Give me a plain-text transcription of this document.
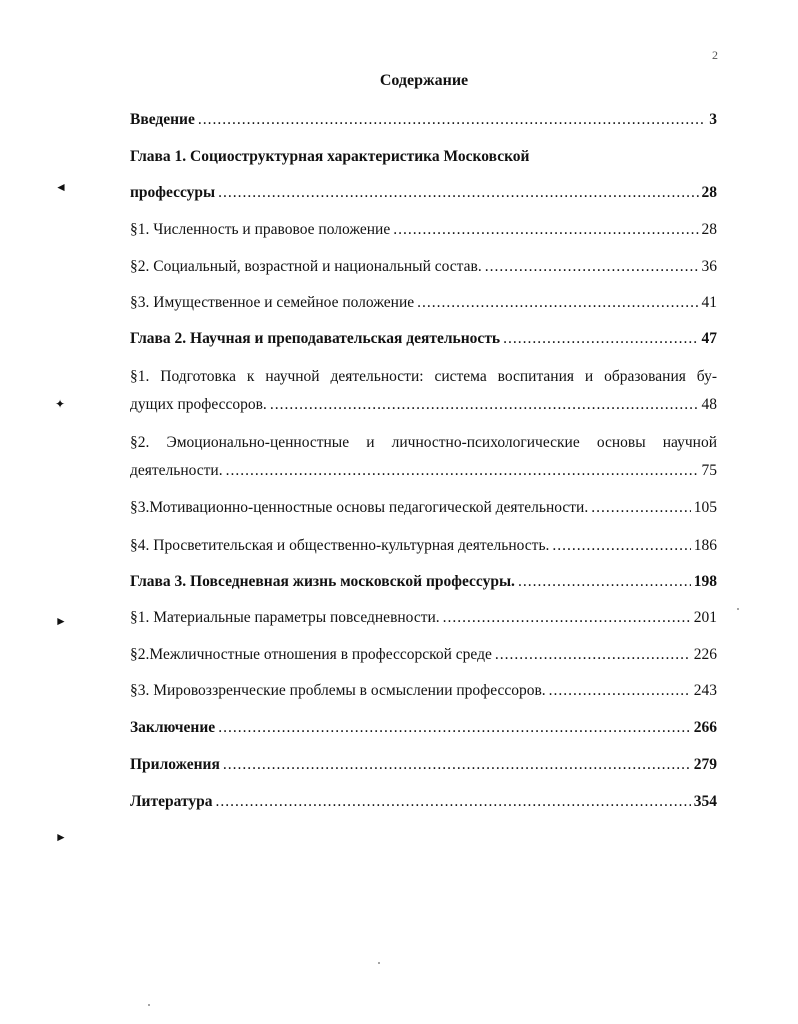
2
Содержание
Введение .....	3
Глава 1. Социоструктурная характеристика Московской
профессуры .....	28
§1. Численность и правовое положение .....	28
§2. Социальный, возрастной и национальный состав. .....	36
§3. Имущественное и семейное положение .....	41
Глава 2. Научная и преподавательская деятельность .....	47
§1. Подготовка к научной деятельности: система воспитания и образования бу-
дущих профессоров. .....	48
§2. Эмоционально-ценностные и личностно-психологические основы научной
деятельности. .....	75
§3.Мотивационно-ценностные основы педагогической деятельности. .....	105
§4. Просветительская и общественно-культурная деятельность. .....	186
Глава 3. Повседневная жизнь московской профессуры. .....	198
§1. Материальные параметры повседневности. .....	201
§2.Межличностные отношения в профессорской среде .....	226
§3. Мировоззренческие проблемы в осмыслении профессоров. .....	243
Заключение .....	266
Приложения .....	279
Литература .....	354
◄
✦
►
►
